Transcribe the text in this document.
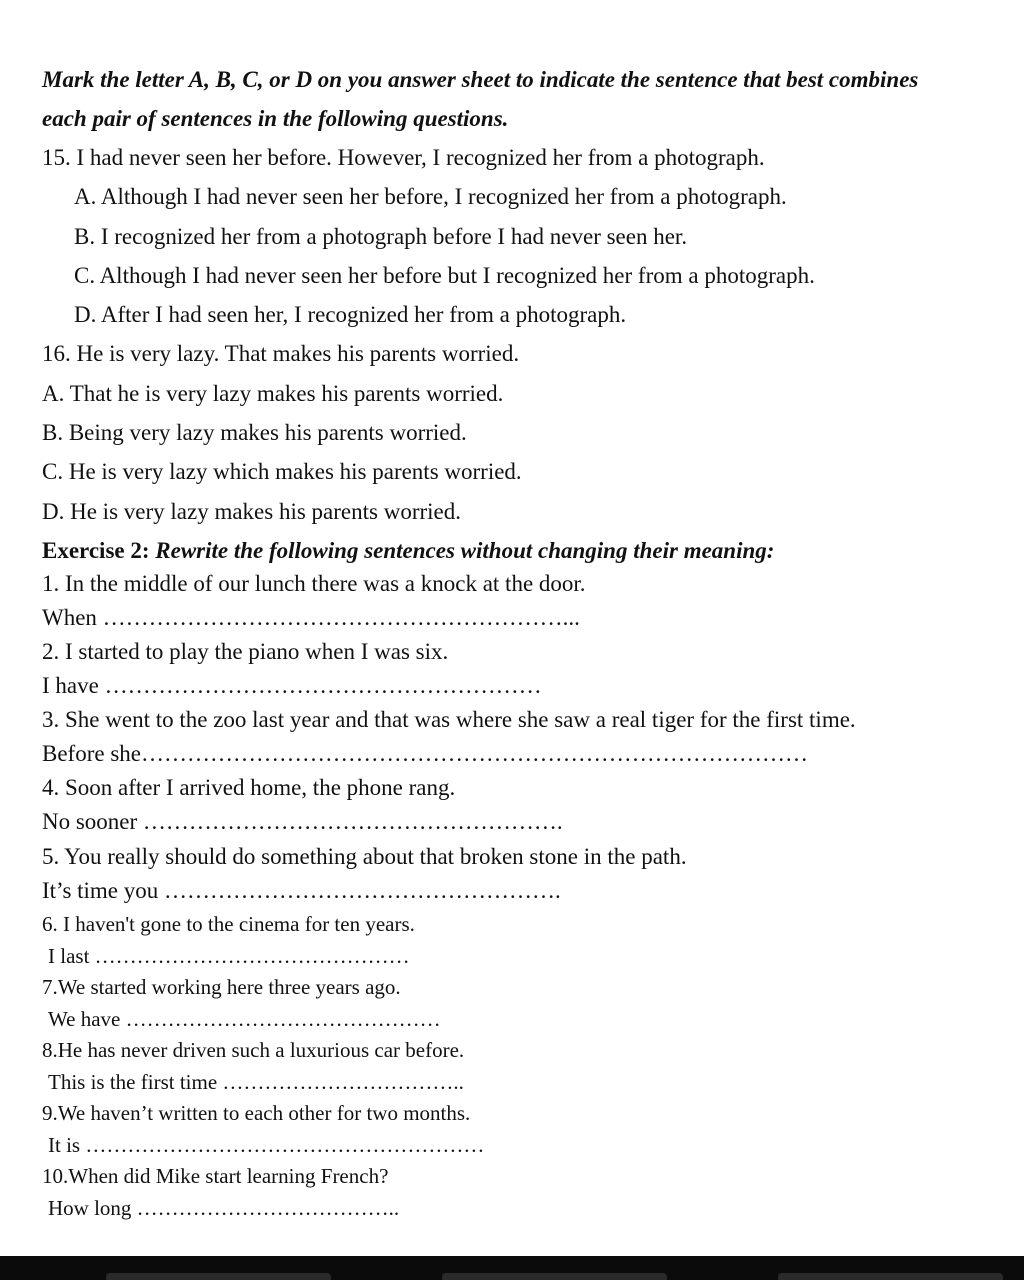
Mark the letter A, B, C, or D on you answer sheet to indicate the sentence that best combines
each pair of sentences in the following questions.
15. I had never seen her before. However, I recognized her from a photograph.
A. Although I had never seen her before, I recognized her from a photograph.
B. I recognized her from a photograph before I had never seen her.
C. Although I had never seen her before but I recognized her from a photograph.
D. After I had seen her, I recognized her from a photograph.
16. He is very lazy. That makes his parents worried.
A. That he is very lazy makes his parents worried.
B. Being very lazy makes his parents worried.
C. He is very lazy which makes his parents worried.
D. He is very lazy makes his parents worried.
Exercise 2: Rewrite the following sentences without changing their meaning:
1. In the middle of our lunch there was a knock at the door.
When ……………………………………………………...
2. I started to play the piano when I was six.
I have …………………………………………………
3. She went to the zoo last year and that was where she saw a real tiger for the first time.
Before she……………………………………………………………………………
4. Soon after I arrived home, the phone rang.
No sooner ……………………………………………….
5. You really should do something about that broken stone in the path.
It’s time you …………………………………………….
6. I haven't gone to the cinema for ten years.
I last ………………………………………
7.We started working here three years ago.
We have ………………………………………
8.He has never driven such a luxurious car before.
This is the first time ……………………………..
9.We haven’t written to each other for two months.
It is …………………………………………………
10.When did Mike start learning French?
How long ………………………………..
